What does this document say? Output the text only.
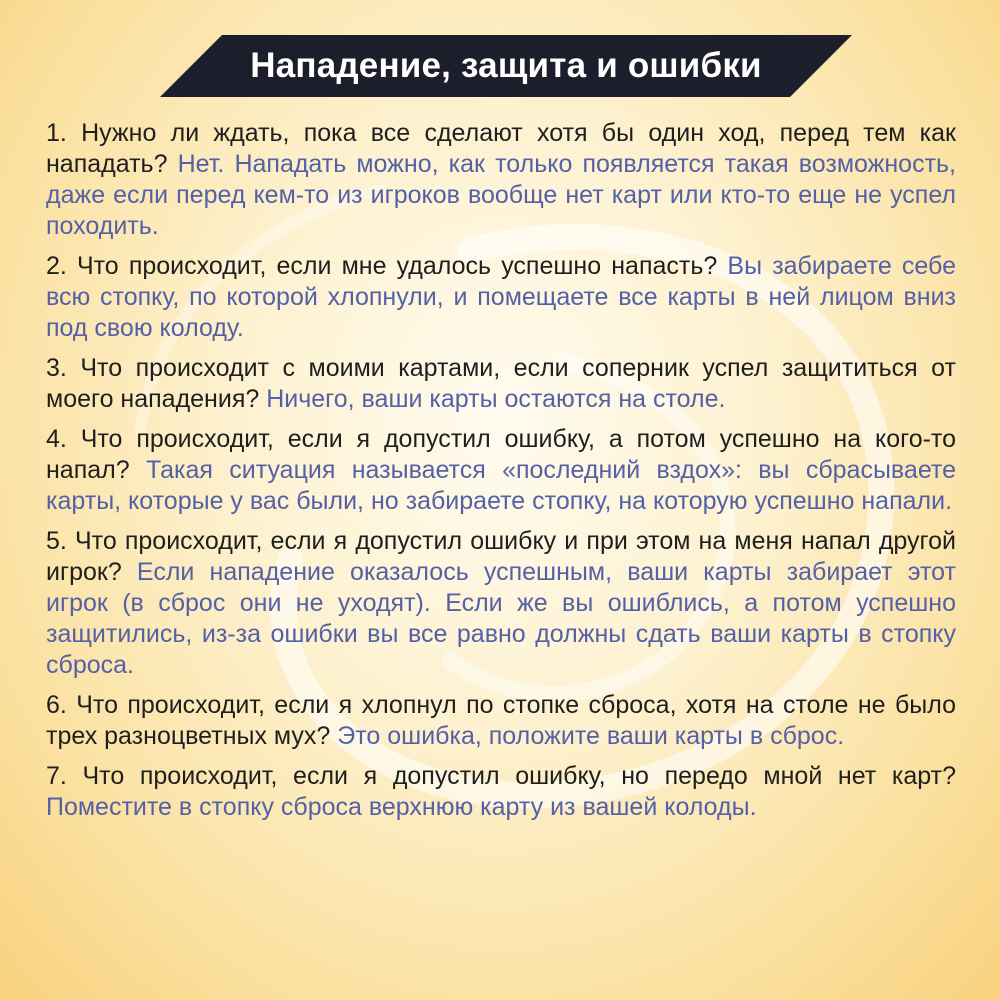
Нападение, защита и ошибки
1. Нужно ли ждать, пока все сделают хотя бы один ход, перед тем как нападать? Нет. Нападать можно, как только появляется такая возможность, даже если перед кем-то из игроков вообще нет карт или кто-то еще не успел походить.
2. Что происходит, если мне удалось успешно напасть? Вы забираете себе всю стопку, по которой хлопнули, и помещаете все карты в ней лицом вниз под свою колоду.
3. Что происходит с моими картами, если соперник успел защититься от моего нападения? Ничего, ваши карты остаются на столе.
4. Что происходит, если я допустил ошибку, а потом успешно на кого-то напал? Такая ситуация называется «последний вздох»: вы сбрасываете карты, которые у вас были, но забираете стопку, на которую успешно напали.
5. Что происходит, если я допустил ошибку и при этом на меня напал другой игрок? Если нападение оказалось успешным, ваши карты забирает этот игрок (в сброс они не уходят). Если же вы ошиблись, а потом успешно защитились, из-за ошибки вы все равно должны сдать ваши карты в стопку сброса.
6. Что происходит, если я хлопнул по стопке сброса, хотя на столе не было трех разноцветных мух? Это ошибка, положите ваши карты в сброс.
7. Что происходит, если я допустил ошибку, но передо мной нет карт? Поместите в стопку сброса верхнюю карту из вашей колоды.
